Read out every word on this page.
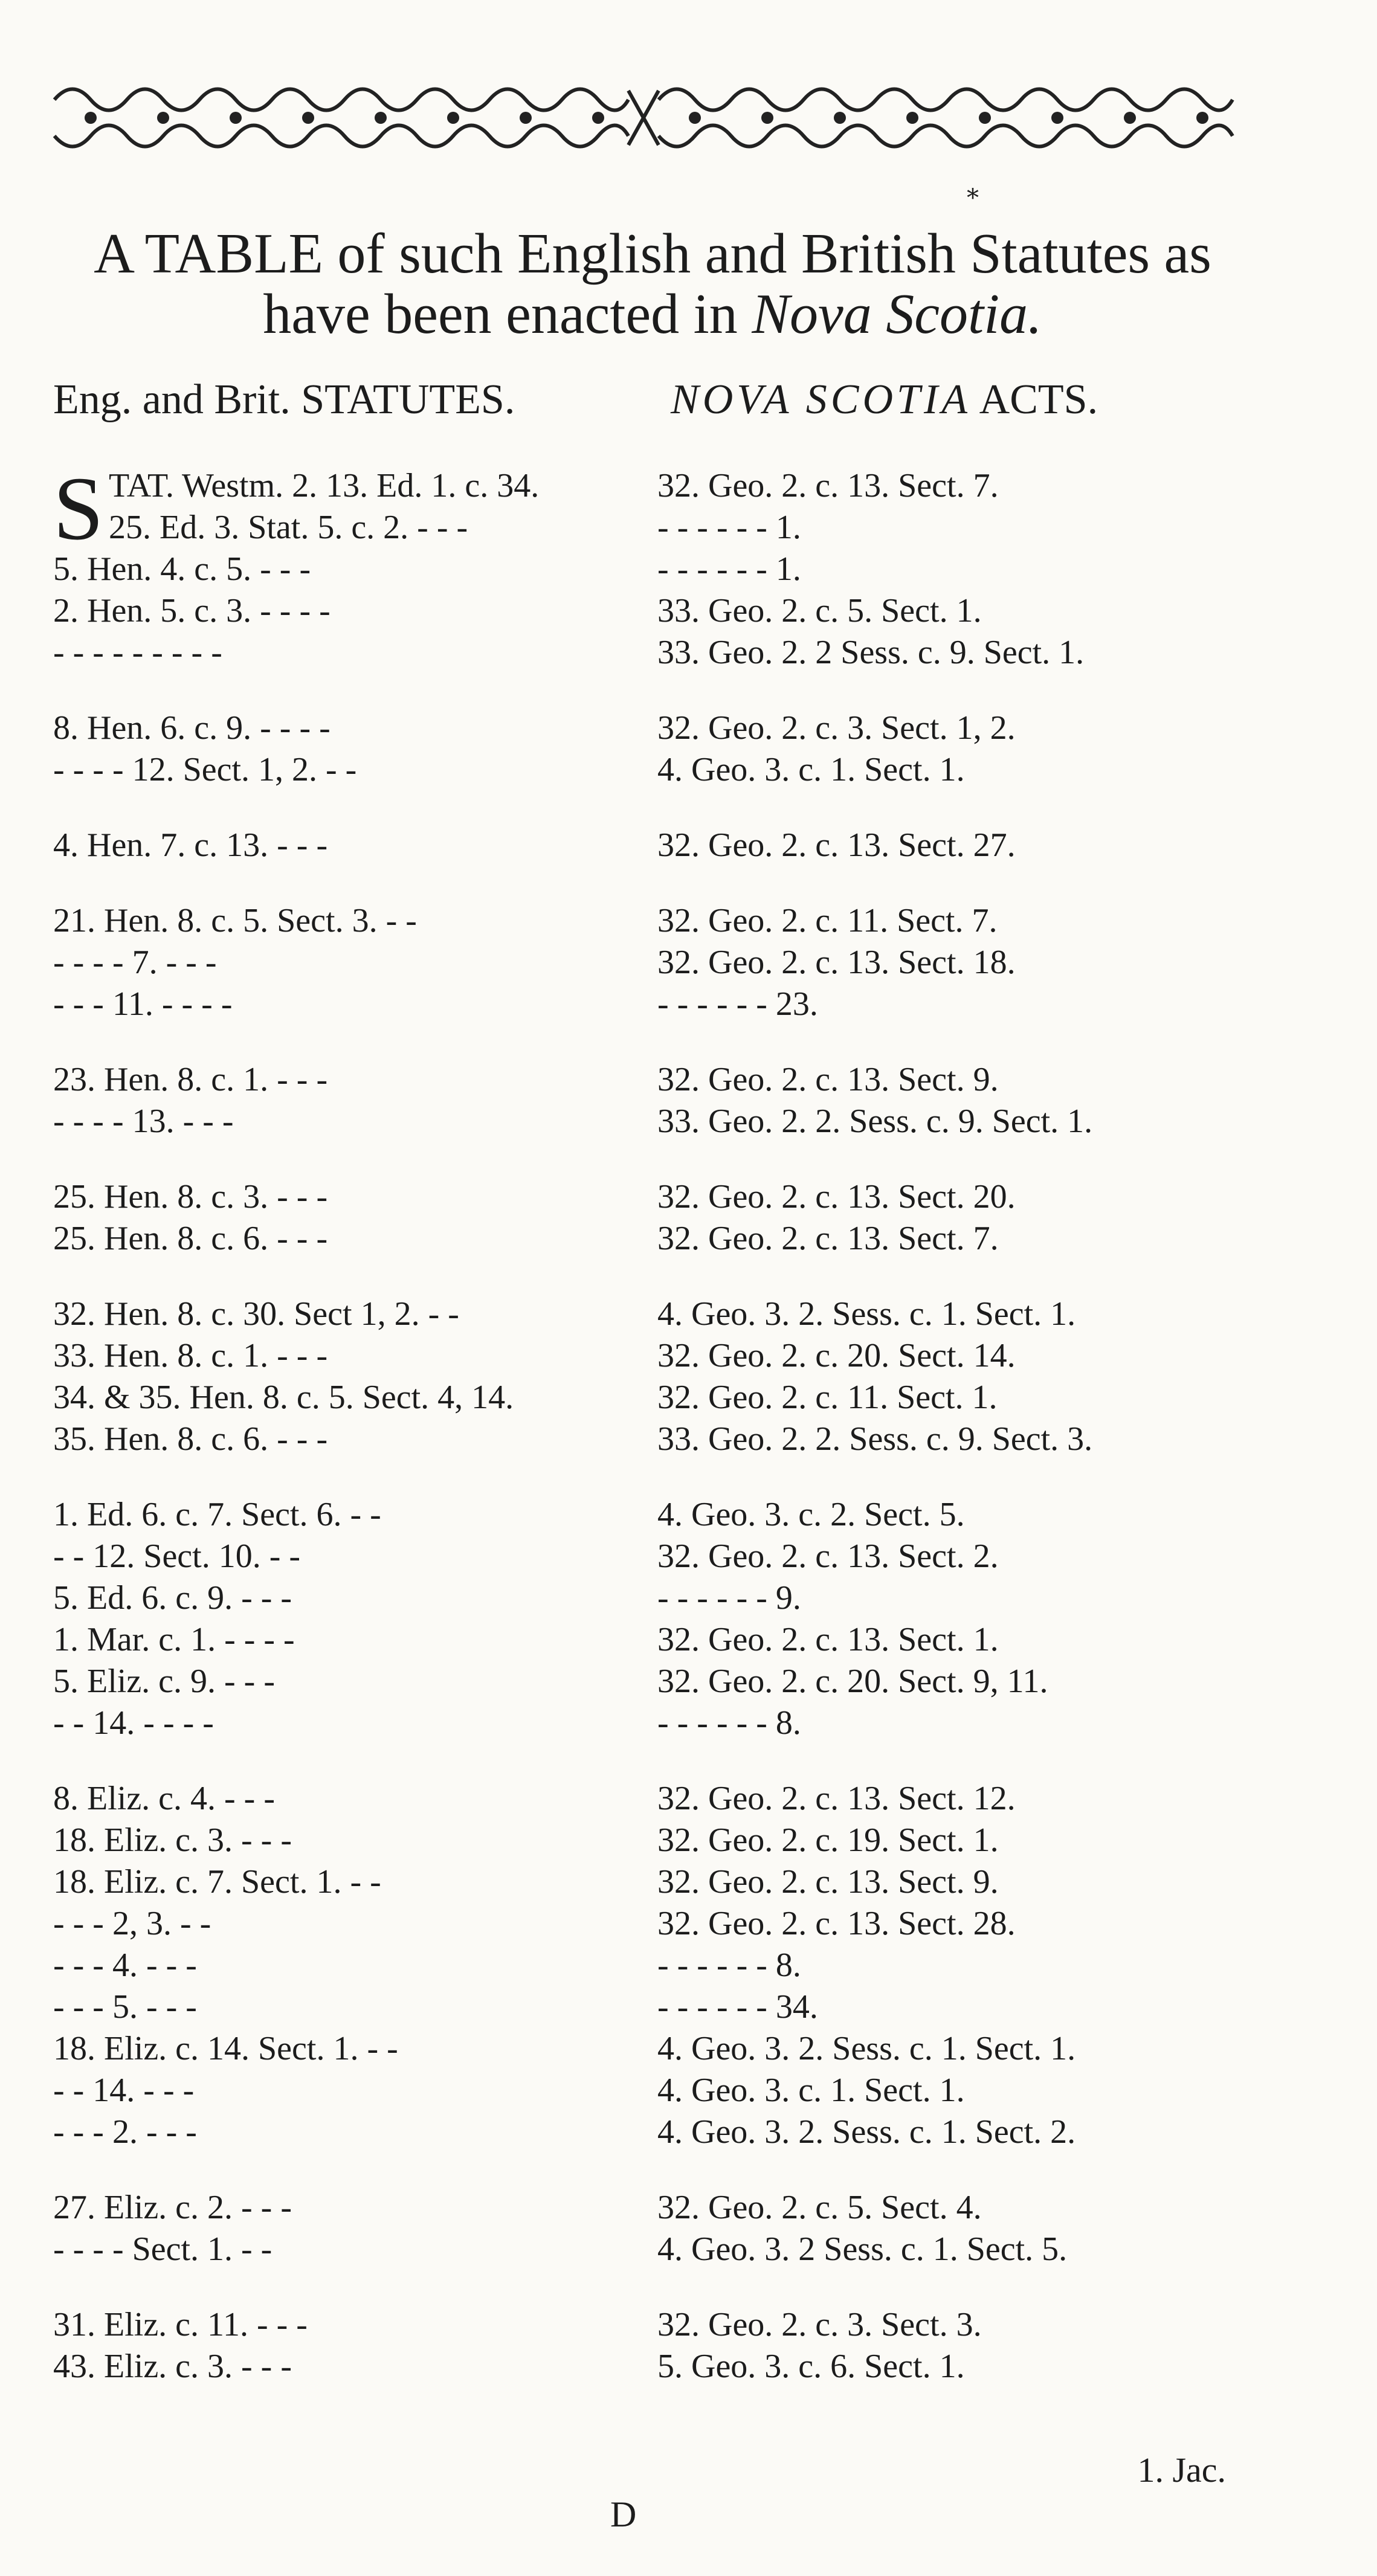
*
A TABLE of such English and British Statutes as
have been enacted in Nova Scotia.
Eng. and Brit. STATUTES.	NOVA SCOTIA ACTS.
S TAT. Westm. 2. 13. Ed. 1. c. 34.	32. Geo. 2. c. 13. Sect. 7.
25. Ed. 3. Stat. 5. c. 2. - - -	- - - - - - 1.
5. Hen. 4. c. 5. - - -	- - - - - - 1.
2. Hen. 5. c. 3. - - - -	33. Geo. 2. c. 5. Sect. 1.
- - - - - - - - -	33. Geo. 2. 2 Sess. c. 9. Sect. 1.
8. Hen. 6. c. 9. - - - -	32. Geo. 2. c. 3. Sect. 1, 2.
- - - - 12. Sect. 1, 2. - -	4. Geo. 3. c. 1. Sect. 1.
4. Hen. 7. c. 13. - - -	32. Geo. 2. c. 13. Sect. 27.
21. Hen. 8. c. 5. Sect. 3. - -	32. Geo. 2. c. 11. Sect. 7.
- - - - 7. - - -	32. Geo. 2. c. 13. Sect. 18.
- - - 11. - - - -	- - - - - - 23.
23. Hen. 8. c. 1. - - -	32. Geo. 2. c. 13. Sect. 9.
- - - - 13. - - -	33. Geo. 2. 2. Sess. c. 9. Sect. 1.
25. Hen. 8. c. 3. - - -	32. Geo. 2. c. 13. Sect. 20.
25. Hen. 8. c. 6. - - -	32. Geo. 2. c. 13. Sect. 7.
32. Hen. 8. c. 30. Sect 1, 2. - -	4. Geo. 3. 2. Sess. c. 1. Sect. 1.
33. Hen. 8. c. 1. - - -	32. Geo. 2. c. 20. Sect. 14.
34. & 35. Hen. 8. c. 5. Sect. 4, 14.	32. Geo. 2. c. 11. Sect. 1.
35. Hen. 8. c. 6. - - -	33. Geo. 2. 2. Sess. c. 9. Sect. 3.
1. Ed. 6. c. 7. Sect. 6. - -	4. Geo. 3. c. 2. Sect. 5.
- - 12. Sect. 10. - -	32. Geo. 2. c. 13. Sect. 2.
5. Ed. 6. c. 9. - - -	- - - - - - 9.
1. Mar. c. 1. - - - -	32. Geo. 2. c. 13. Sect. 1.
5. Eliz. c. 9. - - -	32. Geo. 2. c. 20. Sect. 9, 11.
- - 14. - - - -	- - - - - - 8.
8. Eliz. c. 4. - - -	32. Geo. 2. c. 13. Sect. 12.
18. Eliz. c. 3. - - -	32. Geo. 2. c. 19. Sect. 1.
18. Eliz. c. 7. Sect. 1. - -	32. Geo. 2. c. 13. Sect. 9.
- - - 2, 3. - -	32. Geo. 2. c. 13. Sect. 28.
- - - 4. - - -	- - - - - - 8.
- - - 5. - - -	- - - - - - 34.
18. Eliz. c. 14. Sect. 1. - -	4. Geo. 3. 2. Sess. c. 1. Sect. 1.
- - 14. - - -	4. Geo. 3. c. 1. Sect. 1.
- - - 2. - - -	4. Geo. 3. 2. Sess. c. 1. Sect. 2.
27. Eliz. c. 2. - - -	32. Geo. 2. c. 5. Sect. 4.
- - - - Sect. 1. - -	4. Geo. 3. 2 Sess. c. 1. Sect. 5.
31. Eliz. c. 11. - - -	32. Geo. 2. c. 3. Sect. 3.
43. Eliz. c. 3. - - -	5. Geo. 3. c. 6. Sect. 1.
1. Jac.
D
